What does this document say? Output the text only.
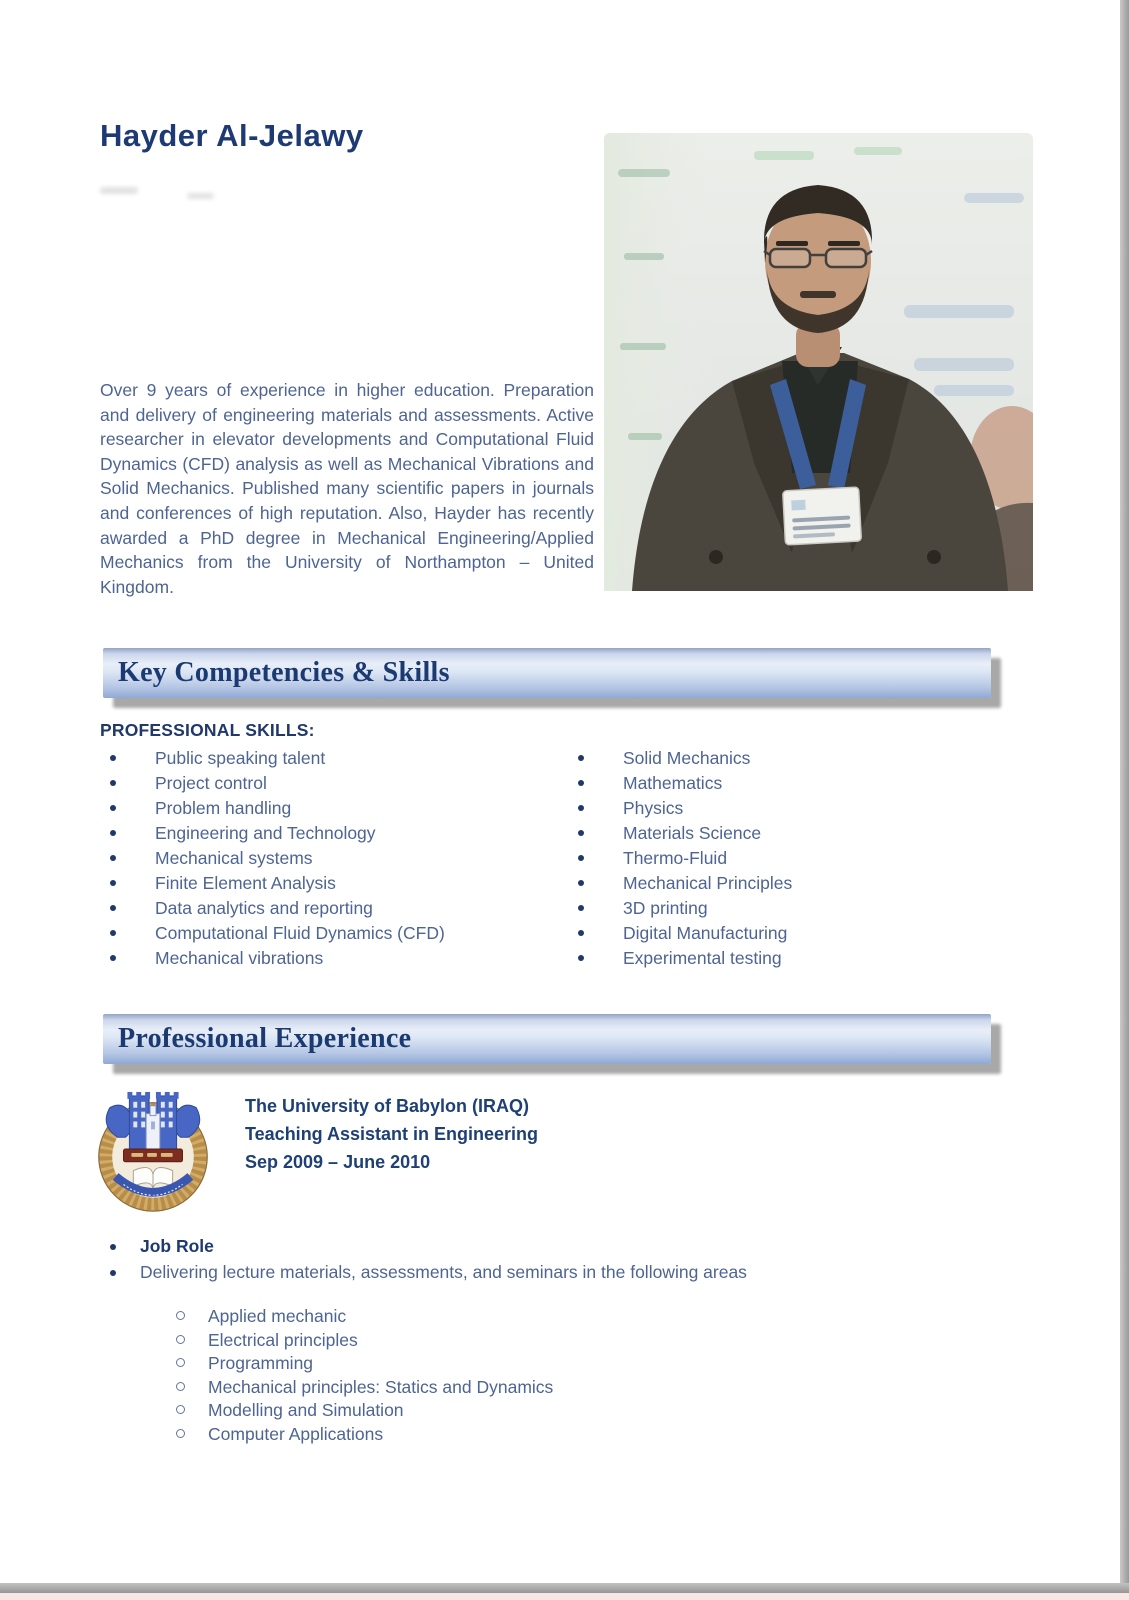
Hayder Al-Jelawy

Over 9 years of experience in higher education. Preparation and delivery of engineering materials and assessments. Active researcher in elevator developments and Computational Fluid Dynamics (CFD) analysis as well as Mechanical Vibrations and Solid Mechanics. Published many scientific papers in journals and conferences of high reputation. Also, Hayder has recently awarded a PhD degree in Mechanical Engineering/Applied Mechanics from the University of Northampton – United Kingdom.

Key Competencies & Skills
PROFESSIONAL SKILLS:
Public speaking talent
Project control
Problem handling
Engineering and Technology
Mechanical systems
Finite Element Analysis
Data analytics and reporting
Computational Fluid Dynamics (CFD)
Mechanical vibrations
Solid Mechanics
Mathematics
Physics
Materials Science
Thermo-Fluid
Mechanical Principles
3D printing
Digital Manufacturing
Experimental testing
Professional Experience
The University of Babylon (IRAQ)
Teaching Assistant in Engineering
Sep 2009 – June 2010
Job Role
Delivering lecture materials, assessments, and seminars in the following areas
Applied mechanic
Electrical principles
Programming
Mechanical principles: Statics and Dynamics
Modelling and Simulation
Computer Applications
